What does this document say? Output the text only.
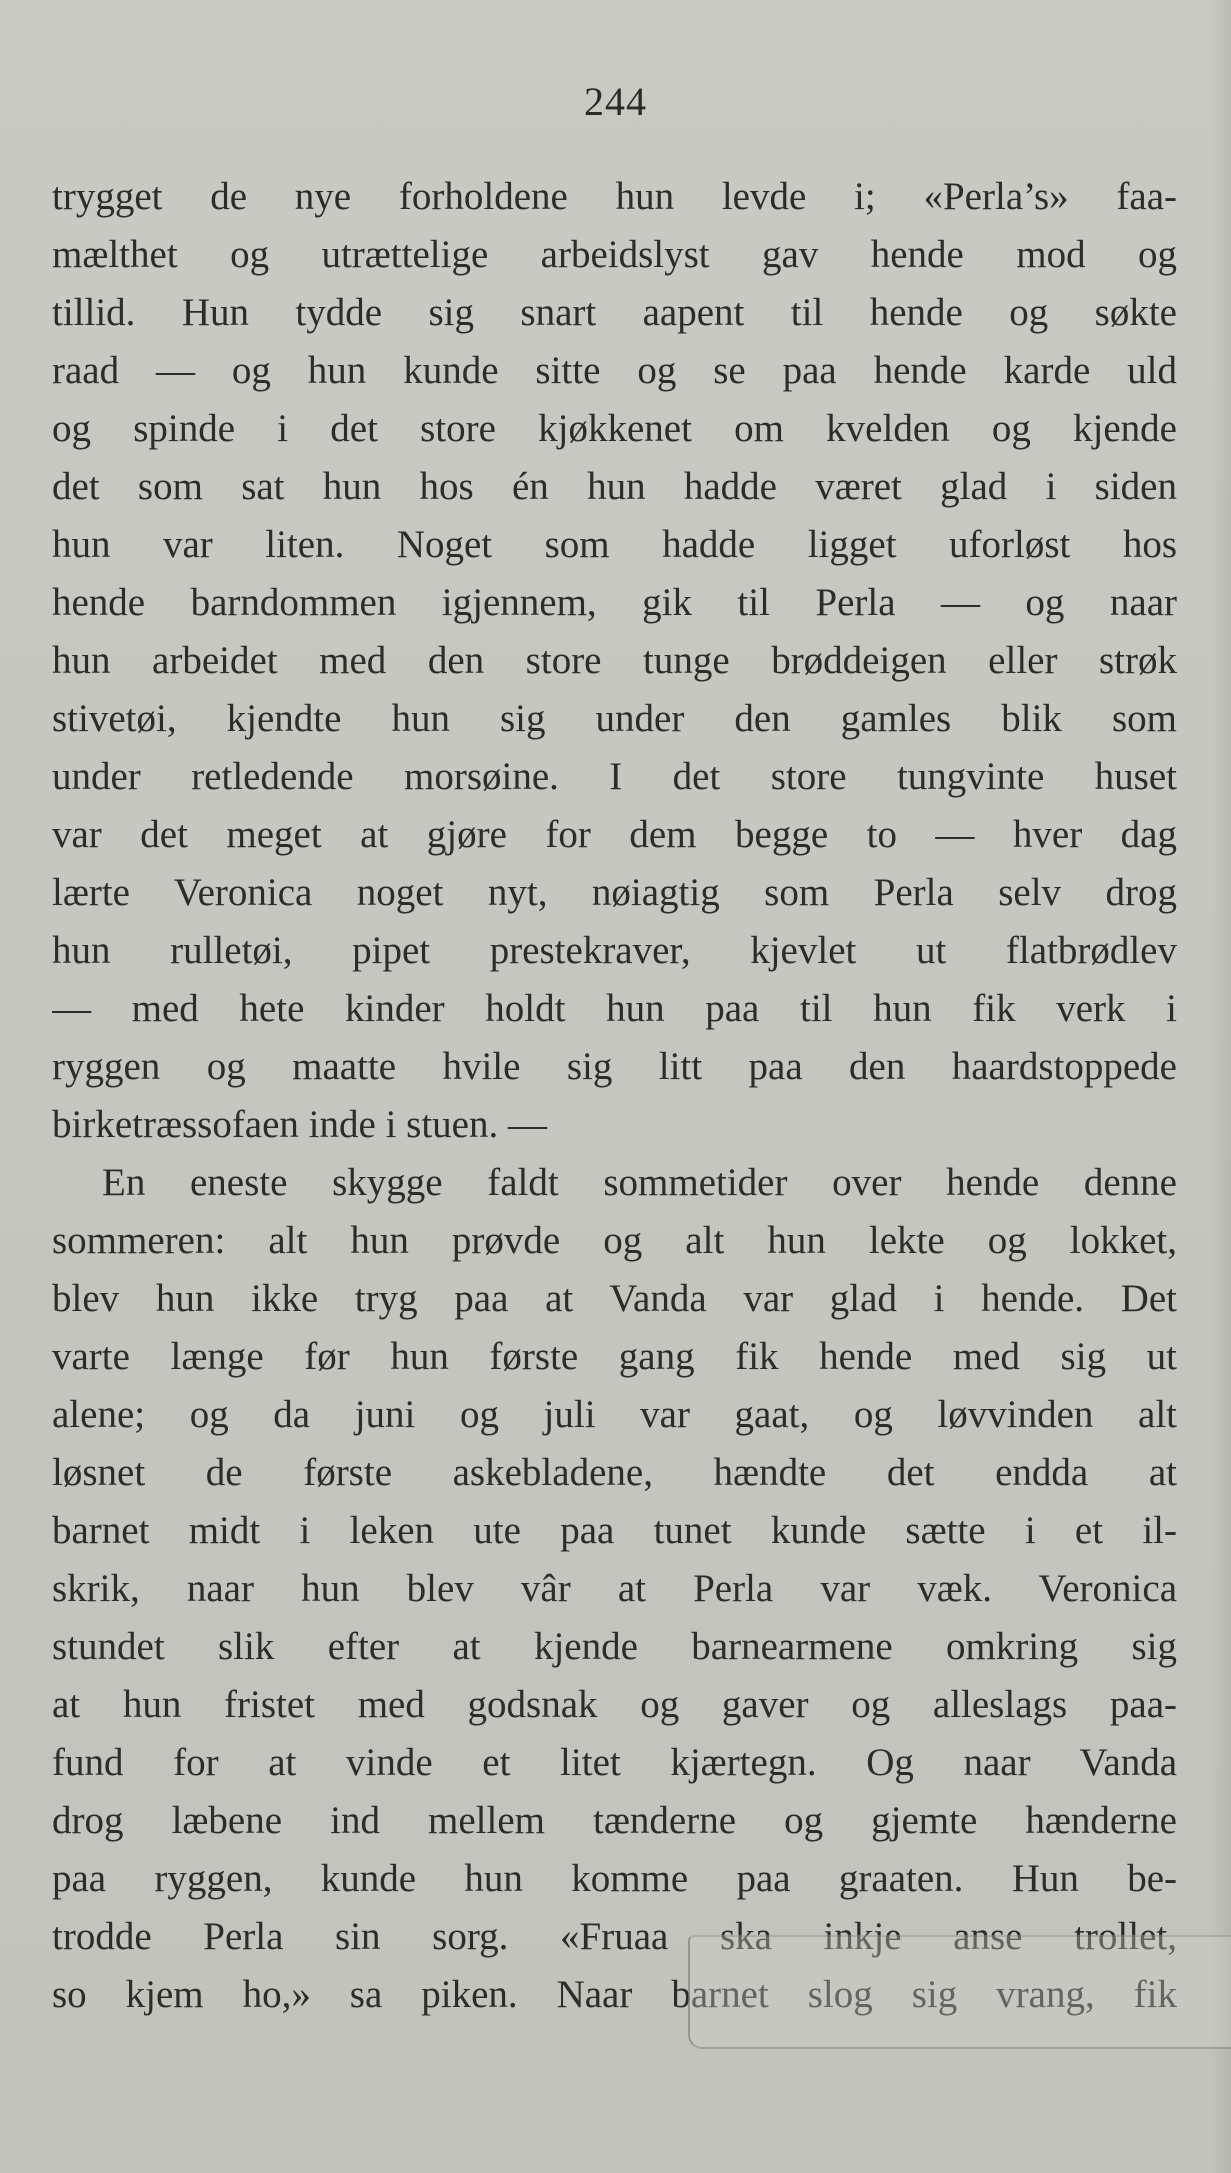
244
trygget de nye forholdene hun levde i; «Perla’s» faa-
mælthet og utrættelige arbeidslyst gav hende mod og
tillid. Hun tydde sig snart aapent til hende og søkte
raad — og hun kunde sitte og se paa hende karde uld
og spinde i det store kjøkkenet om kvelden og kjende
det som sat hun hos én hun hadde været glad i siden
hun var liten. Noget som hadde ligget uforløst hos
hende barndommen igjennem, gik til Perla — og naar
hun arbeidet med den store tunge brøddeigen eller strøk
stivetøi, kjendte hun sig under den gamles blik som
under retledende morsøine. I det store tungvinte huset
var det meget at gjøre for dem begge to — hver dag
lærte Veronica noget nyt, nøiagtig som Perla selv drog
hun rulletøi, pipet prestekraver, kjevlet ut flatbrødlev
— med hete kinder holdt hun paa til hun fik verk i
ryggen og maatte hvile sig litt paa den haardstoppede
birketræssofaen inde i stuen. —
En eneste skygge faldt sommetider over hende denne
sommeren: alt hun prøvde og alt hun lekte og lokket,
blev hun ikke tryg paa at Vanda var glad i hende. Det
varte længe før hun første gang fik hende med sig ut
alene; og da juni og juli var gaat, og løvvinden alt
løsnet de første askebladene, hændte det endda at
barnet midt i leken ute paa tunet kunde sætte i et il-
skrik, naar hun blev vâr at Perla var væk. Veronica
stundet slik efter at kjende barnearmene omkring sig
at hun fristet med godsnak og gaver og alleslags paa-
fund for at vinde et litet kjærtegn. Og naar Vanda
drog læbene ind mellem tænderne og gjemte hænderne
paa ryggen, kunde hun komme paa graaten. Hun be-
trodde Perla sin sorg. «Fruaa ska inkje anse trollet,
so kjem ho,» sa piken. Naar barnet slog sig vrang, fik
